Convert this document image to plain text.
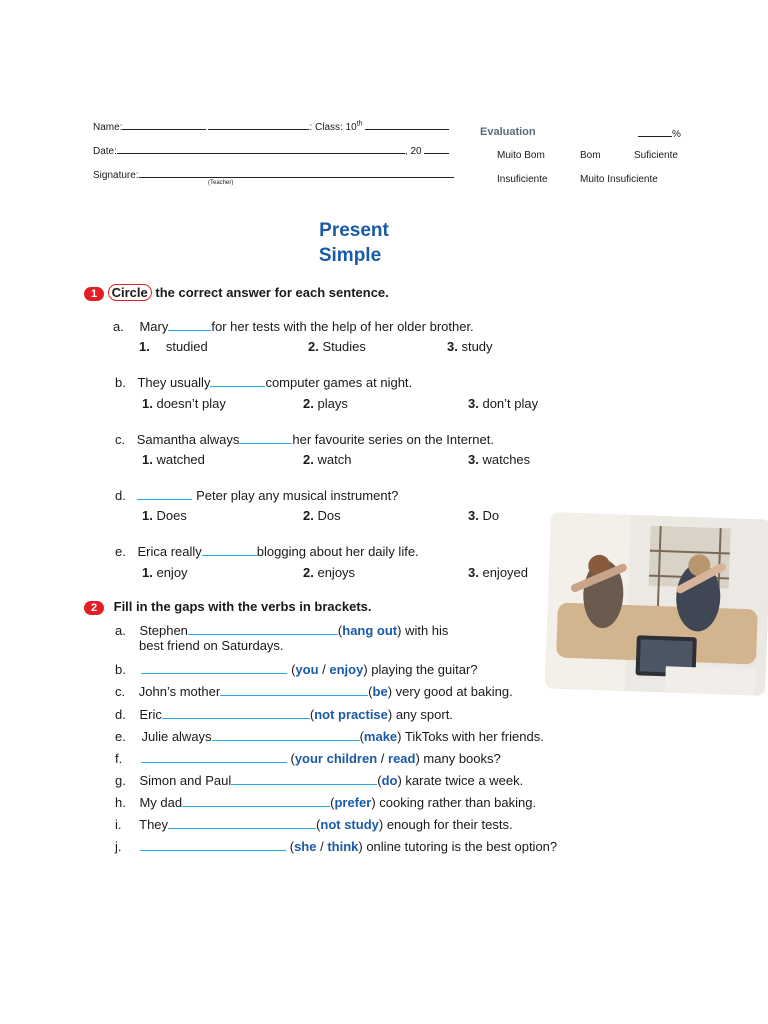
Name:	: Class: 10th
Date:	, 20
Signature:
(Teacher)
Evaluation	%
Muito Bom	Bom	Suficiente
Insuficiente	Muito Insuficiente
Present
Simple
1 Circle the correct answer for each sentence.
a. Mary	for her tests with the help of her older brother.
1. studied	2. Studies	3. study
b. They usually	computer games at night.
1. doesn’t play	2. plays	3. don’t play
c. Samantha always	her favourite series on the Internet.
1. watched	2. watch	3. watches
d.	Peter play any musical instrument?
1. Does	2. Dos	3. Do
e. Erica really	blogging about her daily life.
1. enjoy	2. enjoys	3. enjoyed
2 Fill in the gaps with the verbs in brackets.
a. Stephen	(hang out) with his
best friend on Saturdays.
b.	(you / enjoy) playing the guitar?
c. John’s mother	(be) very good at baking.
d. Eric	(not practise) any sport.
e. Julie always	(make) TikToks with her friends.
f.	(your children / read) many books?
g. Simon and Paul	(do) karate twice a week.
h. My dad	(prefer) cooking rather than baking.
i. They	(not study) enough for their tests.
j.	(she / think) online tutoring is the best option?
